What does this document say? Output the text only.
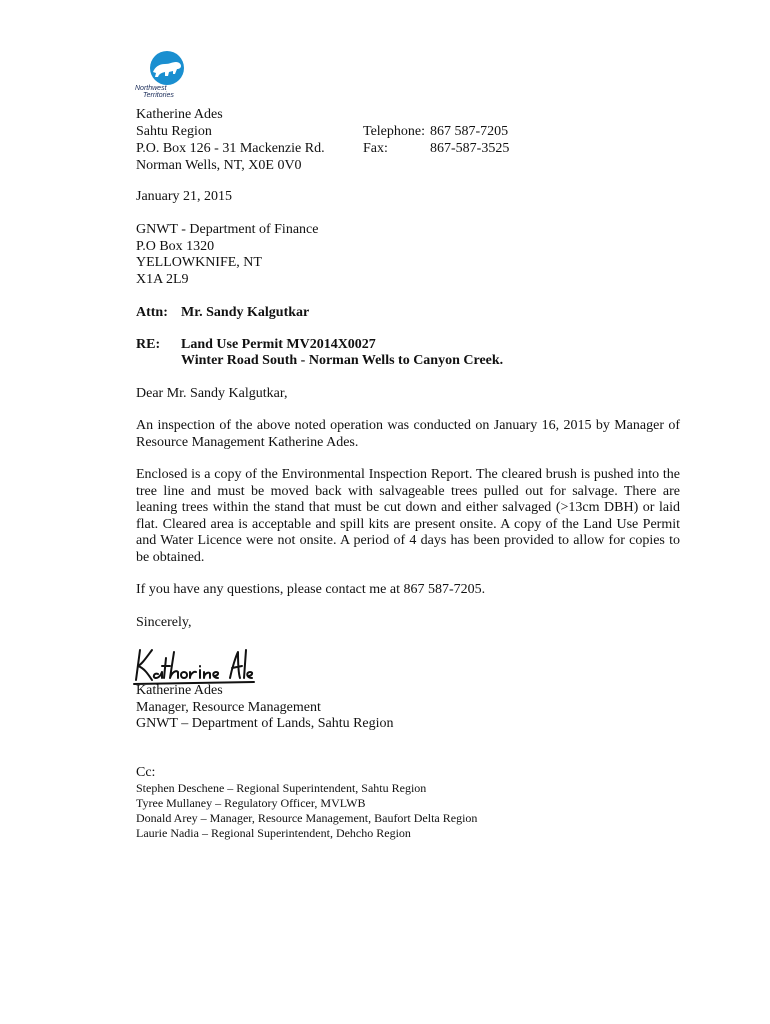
Northwest
Territories
Katherine Ades
Sahtu Region
P.O. Box 126 - 31 Mackenzie Rd.
Norman Wells, NT, X0E 0V0
Telephone: 867 587-7205
Fax:	867-587-3525
January 21, 2015
GNWT - Department of Finance
P.O Box 1320
YELLOWKNIFE, NT
X1A 2L9
Attn: Mr. Sandy Kalgutkar
RE: Land Use Permit MV2014X0027
Winter Road South - Norman Wells to Canyon Creek.
Dear Mr. Sandy Kalgutkar,
An inspection of the above noted operation was conducted on January 16, 2015 by Manager of Resource Management Katherine Ades.
Enclosed is a copy of the Environmental Inspection Report. The cleared brush is pushed into the tree line and must be moved back with salvageable trees pulled out for salvage. There are leaning trees within the stand that must be cut down and either salvaged (>13cm DBH) or laid flat. Cleared area is acceptable and spill kits are present onsite. A copy of the Land Use Permit and Water Licence were not onsite. A period of 4 days has been provided to allow for copies to be obtained.
If you have any questions, please contact me at 867 587-7205.
Sincerely,
Katherine Ades
Manager, Resource Management
GNWT – Department of Lands, Sahtu Region
Cc:
Stephen Deschene – Regional Superintendent, Sahtu Region
Tyree Mullaney – Regulatory Officer, MVLWB
Donald Arey – Manager, Resource Management, Baufort Delta Region
Laurie Nadia – Regional Superintendent, Dehcho Region
